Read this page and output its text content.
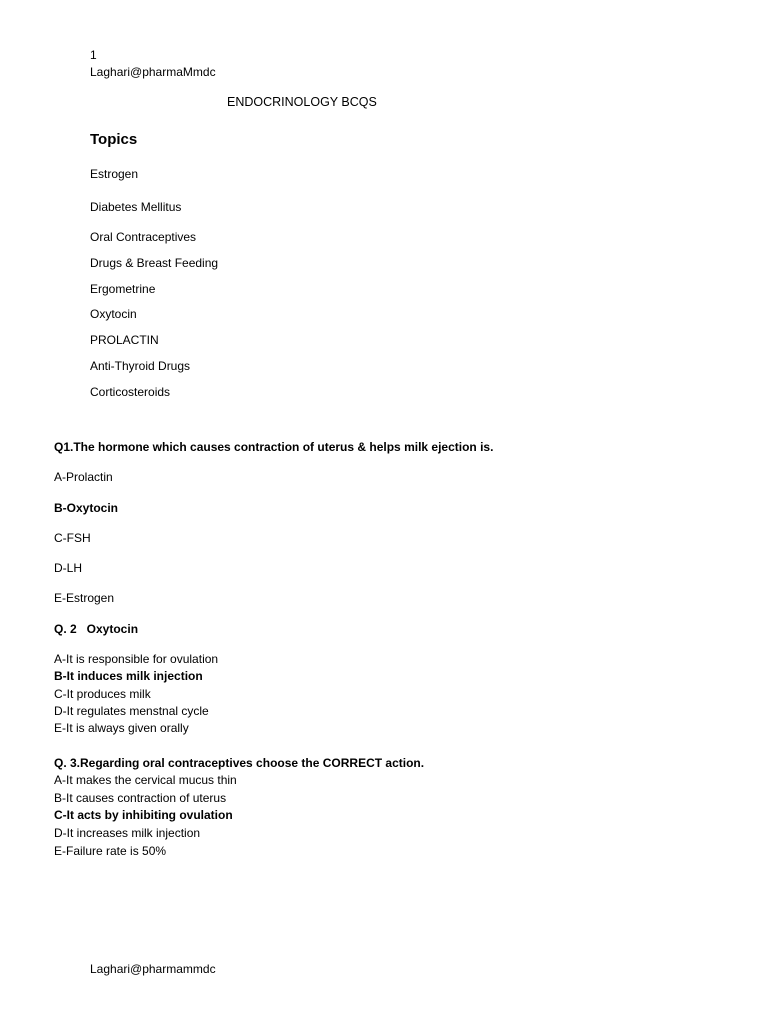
1
Laghari@pharmaMmdc
ENDOCRINOLOGY BCQS
Topics
Estrogen
Diabetes Mellitus
Oral Contraceptives
Drugs & Breast Feeding
Ergometrine
Oxytocin
PROLACTIN
Anti-Thyroid Drugs
Corticosteroids
Q1.The hormone which causes contraction of uterus & helps milk ejection is.
A-Prolactin
B-Oxytocin
C-FSH
D-LH
E-Estrogen
Q. 2   Oxytocin
A-It is responsible for ovulation
B-It induces milk injection
C-It produces milk
D-It regulates menstnal cycle
E-It is always given orally
Q. 3.Regarding oral contraceptives choose the CORRECT action.
A-It makes the cervical mucus thin
B-It causes contraction of uterus
C-It acts by inhibiting ovulation
D-It increases milk injection
E-Failure rate is 50%
Laghari@pharmammdc
